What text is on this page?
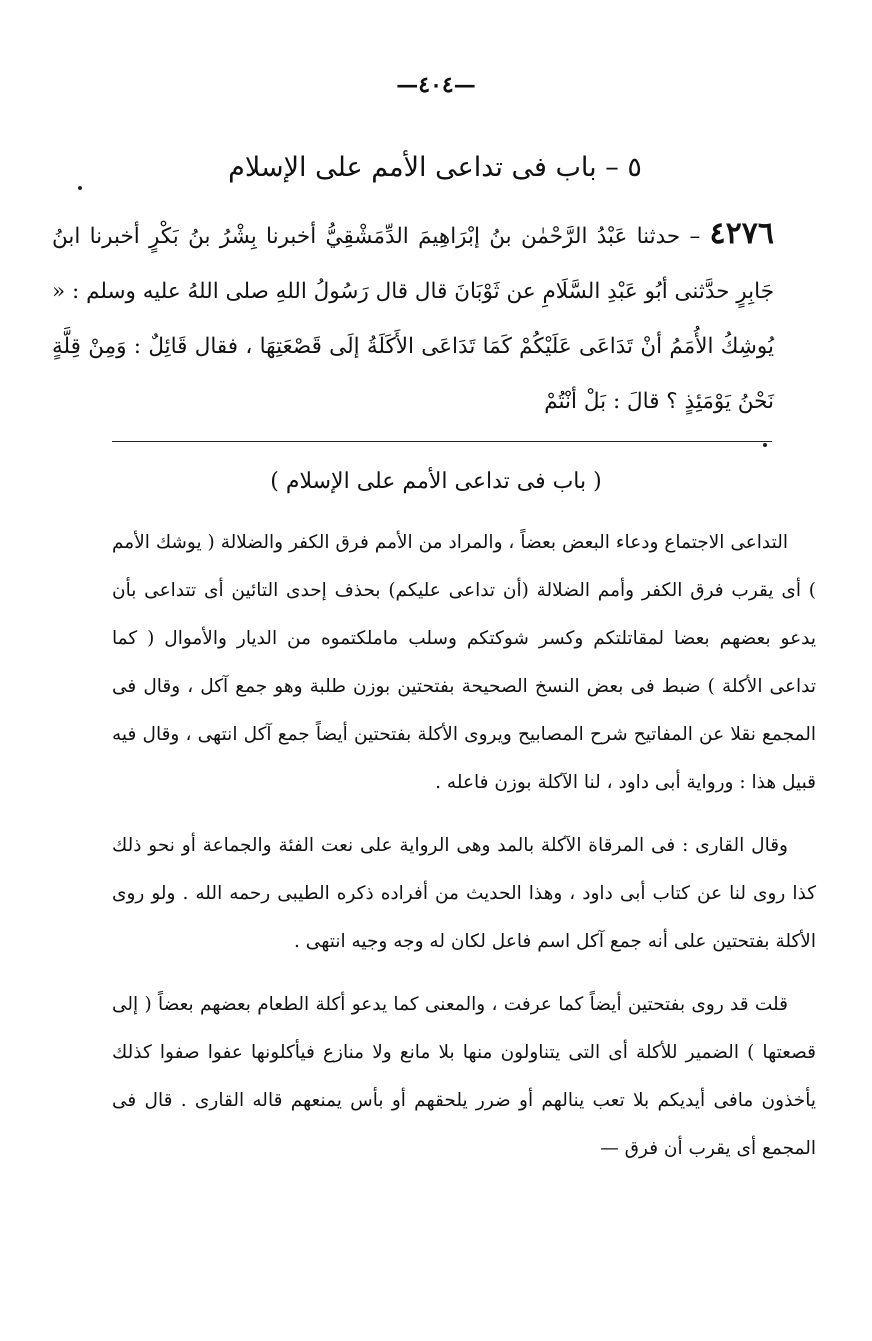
—٤٠٤—
٥ – باب فى تداعى الأمم على الإسلام
٤٢٧٦ – حدثنا عَبْدُ الرَّحْمٰن بنُ إبْرَاهِيمَ الدِّمَشْقِيُّ أخبرنا بِشْرُ بنُ بَكْرٍ أخبرنا ابنُ جَابِرٍ حدَّثنى أبُو عَبْدِ السَّلَامِ عن ثَوْبَانَ قال قال رَسُولُ اللهِ صلى اللهُ عليه وسلم : « يُوشِكُ الأُمَمُ أنْ تَدَاعَى عَلَيْكُمْ كَمَا تَدَاعَى الأَكَلَةُ إلَى قَصْعَتِهَا ، فقال قَائِلٌ : وَمِنْ قِلَّةٍ نَحْنُ يَوْمَئِذٍ ؟ قالَ : بَلْ أنْتُمْ
( باب فى تداعى الأمم على الإسلام )

التداعى الاجتماع ودعاء البعض بعضاً ، والمراد من الأمم فرق الكفر والضلالة ( يوشك الأمم ) أى يقرب فرق الكفر وأمم الضلالة (أن تداعى عليكم) بحذف إحدى التائين أى تتداعى بأن يدعو بعضهم بعضا لمقاتلتكم وكسر شوكتكم وسلب ماملكتموه من الديار والأموال ( كما تداعى الأكلة ) ضبط فى بعض النسخ الصحيحة بفتحتين بوزن طلبة وهو جمع آكل ، وقال فى المجمع نقلا عن المفاتيح شرح المصابيح ويروى الأكلة بفتحتين أيضاً جمع آكل انتهى ، وقال فيه قبيل هذا : ورواية أبى داود ، لنا الآكلة بوزن فاعله .

وقال القارى : فى المرقاة الآكلة بالمد وهى الرواية على نعت الفئة والجماعة أو نحو ذلك كذا روى لنا عن كتاب أبى داود ، وهذا الحديث من أفراده ذكره الطيبى رحمه الله . ولو روى الأكلة بفتحتين على أنه جمع آكل اسم فاعل لكان له وجه وجيه انتهى .

قلت قد روى بفتحتين أيضاً كما عرفت ، والمعنى كما يدعو أكلة الطعام بعضهم بعضاً ( إلى قصعتها ) الضمير للأكلة أى التى يتناولون منها بلا مانع ولا منازع فيأكلونها عفوا صفوا كذلك يأخذون مافى أيديكم بلا تعب ينالهم أو ضرر يلحقهم أو بأس يمنعهم قاله القارى . قال فى المجمع أى يقرب أن فرق —
